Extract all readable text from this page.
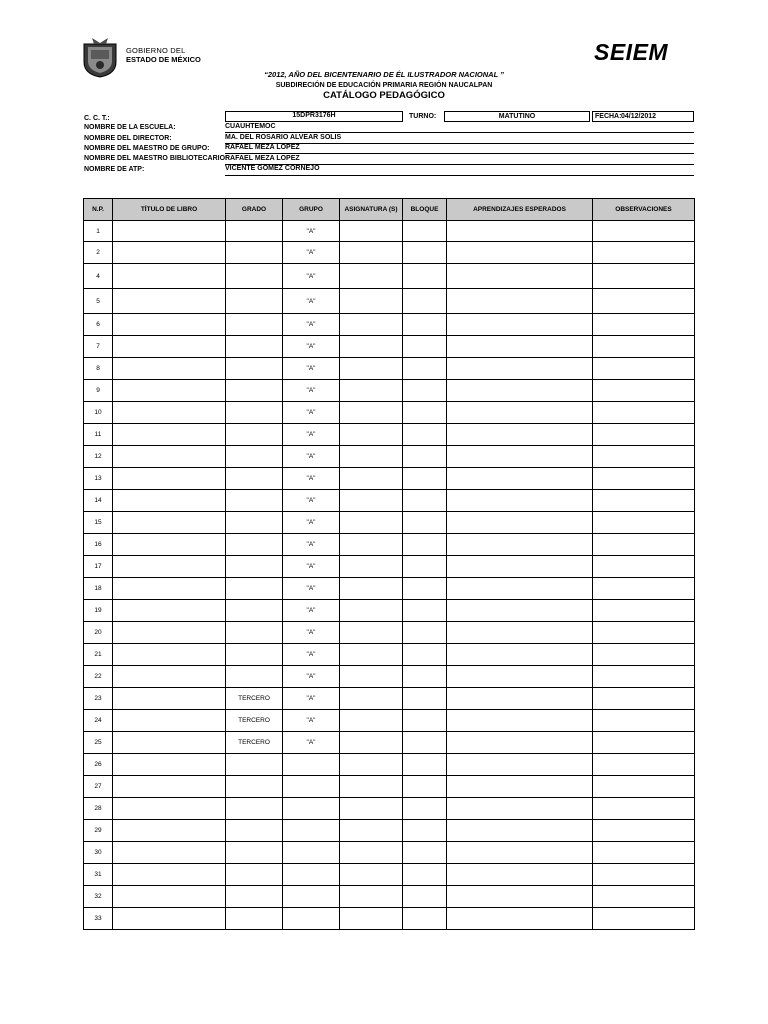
GOBIERNO DEL
ESTADO DE MÉXICO	SEIEM
“2012, AÑO DEL BICENTENARIO DE ÉL ILUSTRADOR NACIONAL ”
SUBDIRECIÓN DE EDUCACIÓN PRIMARIA REGIÓN NAUCALPAN
CATÁLOGO PEDAGÓGICO
C. C. T.:	15DPR3176H	TURNO:	MATUTINO	FECHA: 04/12/2012
NOMBRE DE LA ESCUELA:	CUAUHTEMOC
NOMBRE DEL DIRECTOR:	MA. DEL ROSARIO ALVEAR SOLIS
NOMBRE DEL MAESTRO DE GRUPO: RAFAEL MEZA LOPEZ
NOMBRE DEL MAESTRO BIBLIOTECARIO:
RAFAEL MEZA LOPEZ
NOMBRE DE ATP:	VICENTE GOMEZ CORNEJO
N.P.	TÍTULO DE LIBRO	GRADO	GRUPO	ASIGNATURA (S)	BLOQUE	APRENDIZAJES ESPERADOS	OBSERVACIONES
1			"A"				
2			"A"				
4			"A"				
5			"A"				
6			"A"				
7			"A"				
8			"A"				
9			"A"				
10			"A"				
11			"A"				
12			"A"				
13			"A"				
14			"A"				
15			"A"				
16			"A"				
17			"A"				
18			"A"				
19			"A"				
20			"A"				
21			"A"				
22			"A"				
23		TERCERO	"A"				
24		TERCERO	"A"				
25		TERCERO	"A"				
26							
27							
28							
29							
30							
31							
32							
33							
